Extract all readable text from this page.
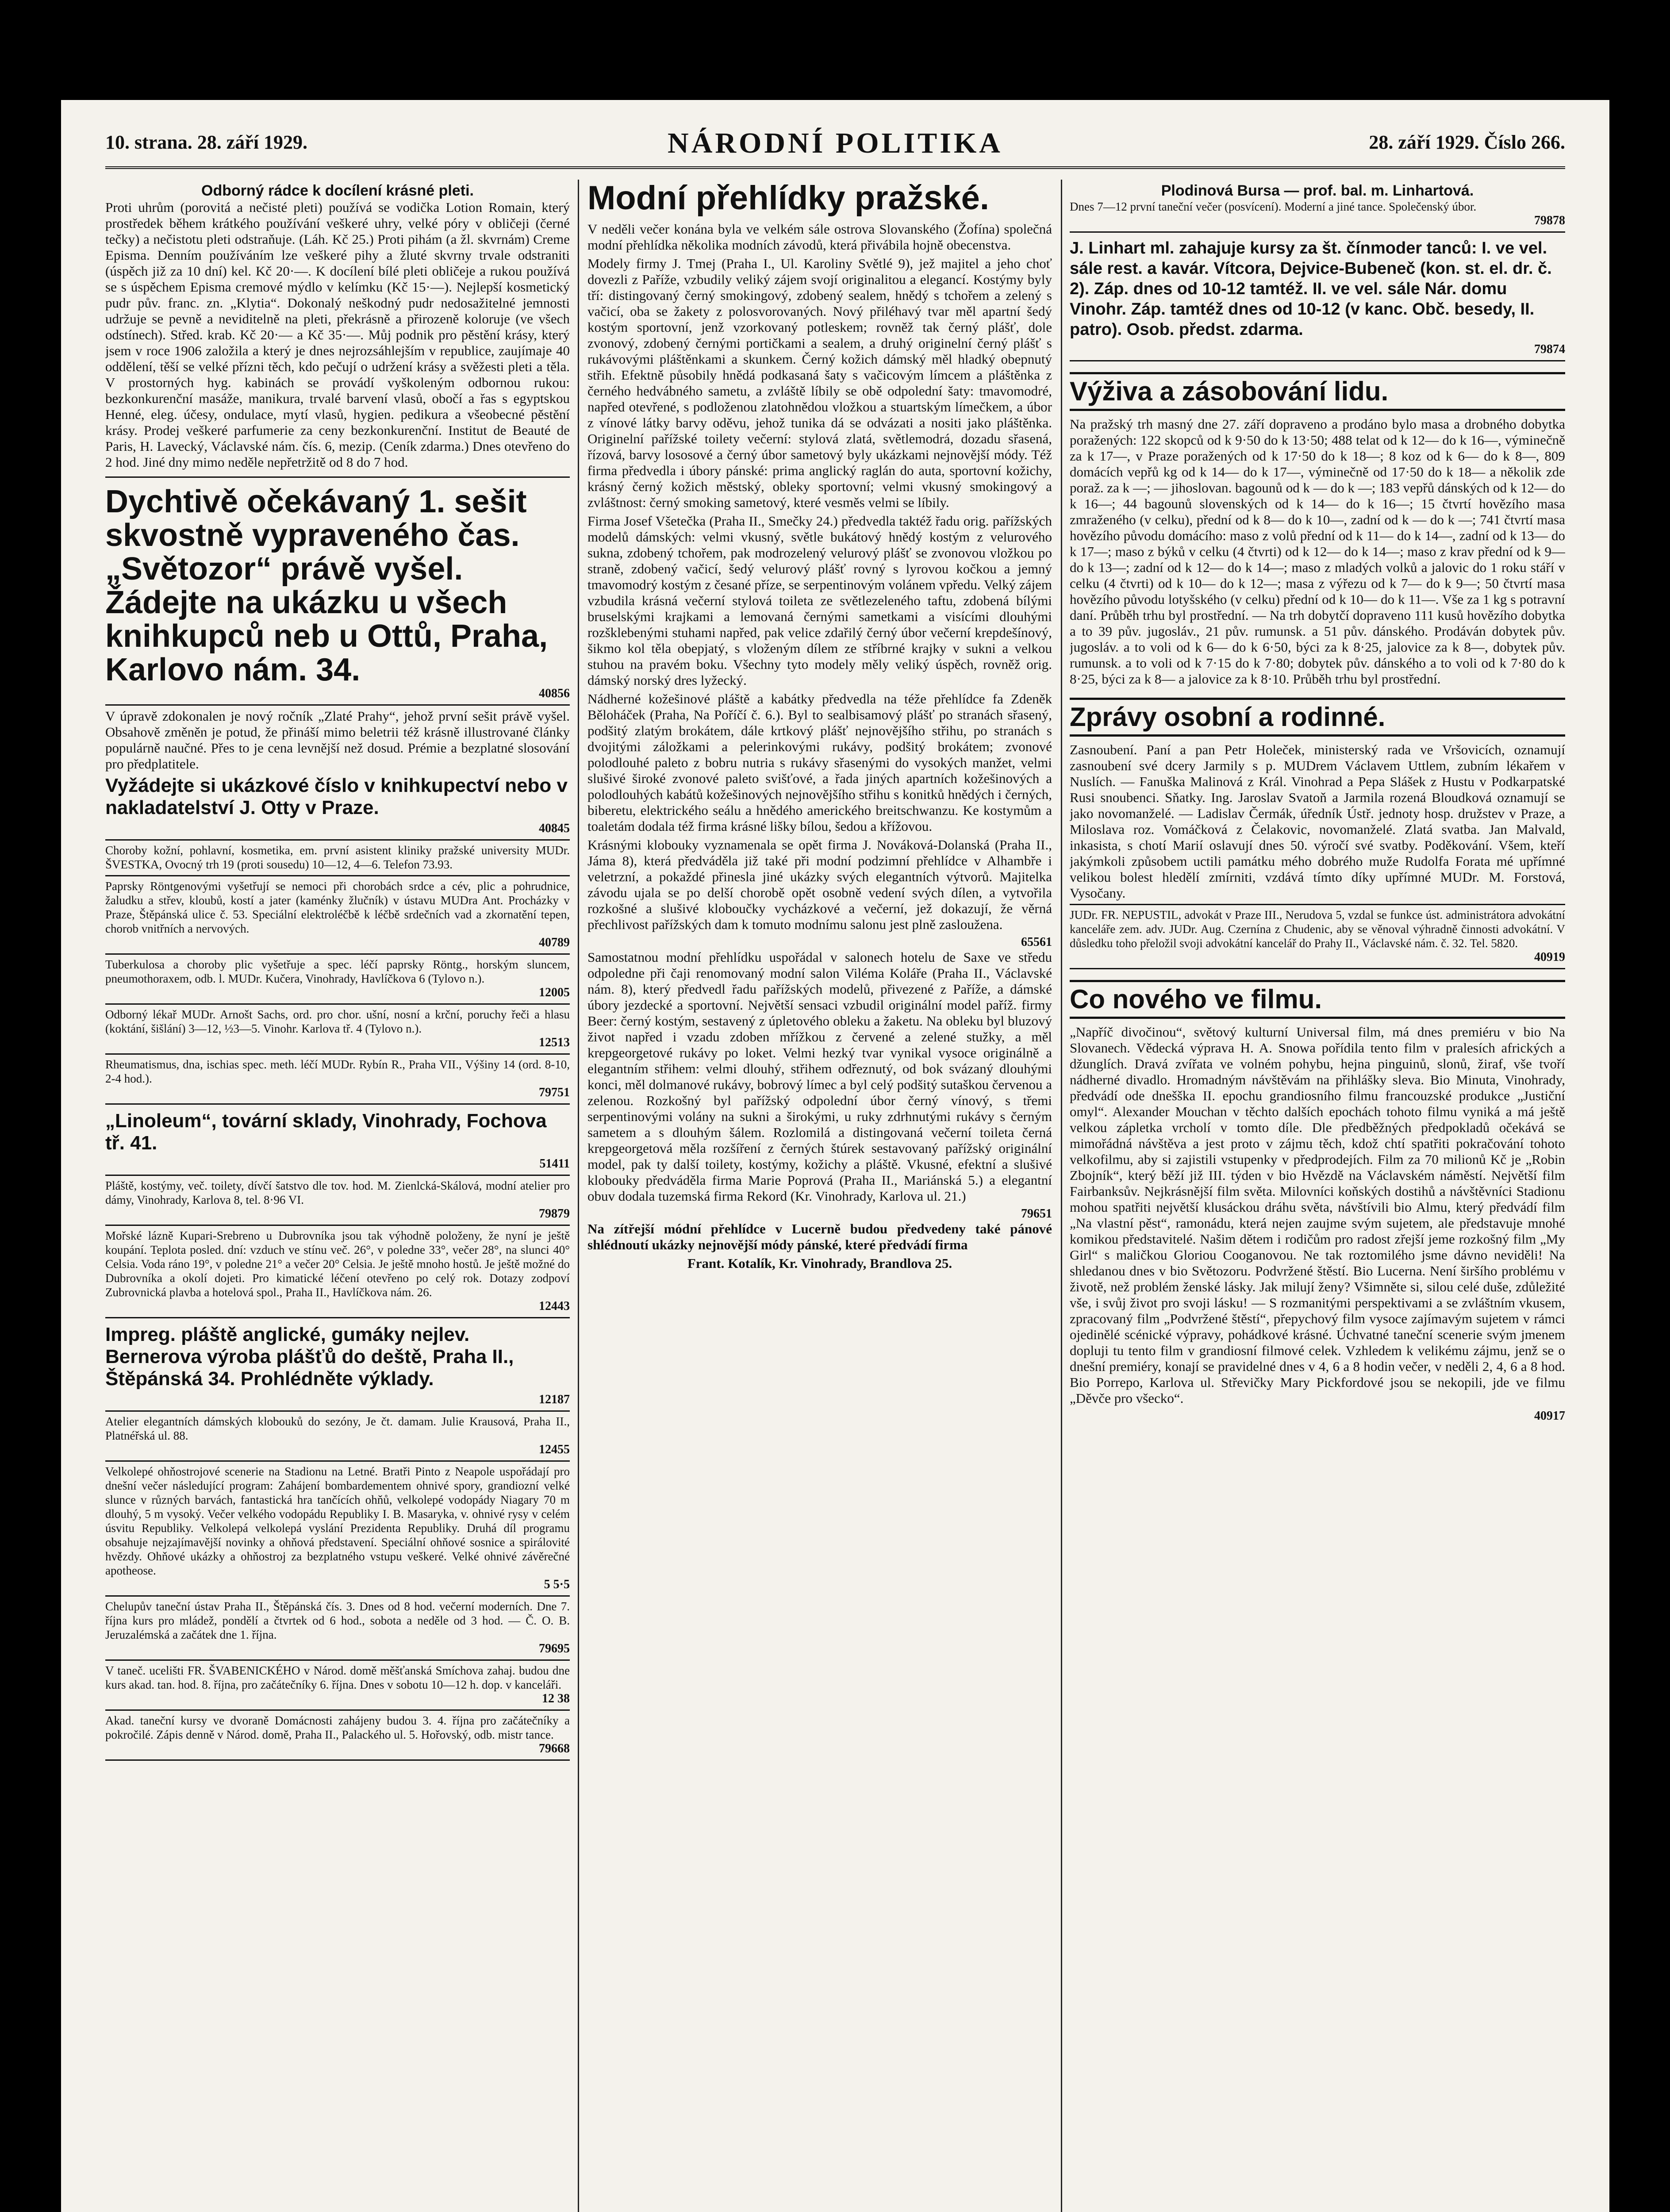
10. strana. 28. září 1929.	NÁRODNÍ POLITIKA	28. září 1929. Číslo 266.
Odborný rádce k docílení krásné pleti.

Proti uhrům (porovitá a nečisté pleti) používá se vodička Lotion Romain, který prostředek během krátkého používání veškeré uhry, velké póry v obličeji (černé tečky) a nečistotu pleti odstraňuje. (Láh. Kč 25.) Proti pihám (a žl. skvrnám) Creme Episma. Denním používáním lze veškeré pihy a žluté skvrny trvale odstraniti (úspěch již za 10 dní) kel. Kč 20·—. K docílení bílé pleti obličeje a rukou používá se s úspěchem Episma cremové mýdlo v kelímku (Kč 15·—). Nejlepší kosmetický pudr pův. franc. zn. „Klytia“. Dokonalý neškodný pudr nedosažitelné jemnosti udržuje se pevně a neviditelně na pleti, překrásně a přirozeně koloruje (ve všech odstínech). Střed. krab. Kč 20·— a Kč 35·—. Můj podnik pro pěstění krásy, který jsem v roce 1906 založila a který je dnes nejrozsáhlejším v republice, zaujímaje 40 oddělení, těší se velké přízni těch, kdo pečují o udržení krásy a svěžesti pleti a těla. V prostorných hyg. kabinách se provádí vyškoleným odbornou rukou: bezkonkurenční masáže, manikura, trvalé barvení vlasů, obočí a řas s egyptskou Henné, eleg. účesy, ondulace, mytí vlasů, hygien. pedikura a všeobecné pěstění krásy. Prodej veškeré parfumerie za ceny bezkonkurenční. Institut de Beauté de Paris, H. Lavecký, Václavské nám. čís. 6, mezip. (Ceník zdarma.) Dnes otevřeno do 2 hod. Jiné dny mimo neděle nepřetržitě od 8 do 7 hod.

Dychtivě očekávaný 1. sešit skvostně vypraveného čas. „Světozor“ právě vyšel. Žádejte na ukázku u všech knihkupců neb u Ottů, Praha, Karlovo nám. 34.

40856

V úpravě zdokonalen je nový ročník „Zlaté Prahy“, jehož první sešit právě vyšel. Obsahově změněn je potud, že přináší mimo beletrii též krásně illustrované články populárně naučné. Přes to je cena levnější než dosud. Prémie a bezplatné slosování pro předplatitele.

Vyžádejte si ukázkové číslo v knihkupectví nebo v nakladatelství J. Otty v Praze.

40845

Choroby kožní, pohlavní, kosmetika, em. první asistent kliniky pražské university MUDr. ŠVESTKA, Ovocný trh 19 (proti sousedu) 10—12, 4—6. Telefon 73.93.

Paprsky Röntgenovými vyšetřují se nemoci při chorobách srdce a cév, plic a pohrudnice, žaludku a střev, kloubů, kostí a jater (kaménky žlučník) v ústavu MUDra Ant. Procházky v Praze, Štěpánská ulice č. 53. Speciální elektroléčbě k léčbě srdečních vad a zkornatění tepen, chorob vnitřních a nervových.

40789

Tuberkulosa a choroby plic vyšetřuje a spec. léčí paprsky Röntg., horským sluncem, pneumothoraxem, odb. l. MUDr. Kučera, Vinohrady, Havlíčkova 6 (Tylovo n.).

12005

Odborný lékař MUDr. Arnošt Sachs, ord. pro chor. ušní, nosní a krční, poruchy řeči a hlasu (koktání, šišlání) 3—12, ½3—5. Vinohr. Karlova tř. 4 (Tylovo n.).

12513

Rheumatismus, dna, ischias spec. meth. léčí MUDr. Rybín R., Praha VII., Výšiny 14 (ord. 8-10, 2-4 hod.).

79751

„Linoleum“, tovární sklady, Vinohrady, Fochova tř. 41.

51411

Pláště, kostýmy, več. toilety, dívčí šatstvo dle tov. hod. M. Zienlcká-Skálová, modní atelier pro dámy, Vinohrady, Karlova 8, tel. 8·96 VI.

79879

Mořské lázně Kupari-Srebreno u Dubrovníka jsou tak výhodně položeny, že nyní je ještě koupání. Teplota posled. dní: vzduch ve stínu več. 26°, v poledne 33°, večer 28°, na slunci 40° Celsia. Voda ráno 19°, v poledne 21° a večer 20° Celsia. Je ještě mnoho hostů. Je ještě možné do Dubrovníka a okolí dojeti. Pro kimatické léčení otevřeno po celý rok. Dotazy zodpoví Zubrovnická plavba a hotelová spol., Praha II., Havlíčkova nám. 26.

12443

Impreg. pláště anglické, gumáky nejlev. Bernerova výroba plášťů do deště, Praha II., Štěpánská 34. Prohlédněte výklady.

12187

Atelier elegantních dámských klobouků do sezóny, Je čt. damam. Julie Krausová, Praha II., Platnéřská ul. 88.

12455

Velkolepé ohňostrojové scenerie na Stadionu na Letné. Bratři Pinto z Neapole uspořádají pro dnešní večer následující program: Zahájení bombardementem ohnivé spory, grandiozní velké sluncе v různých barvách, fantastická hra tančících ohňů, velkolepé vodopády Niagary 70 m dlouhý, 5 m vysoký. Večer velkého vodopádu Republiky I. B. Masaryka, v. ohnivé rysy v celém úsvitu Republiky. Velkolepá velkolepá vyslání Prezidenta Republiky. Druhá díl programu obsahuje nejzajímavější novinky a ohňová představení. Speciální ohňové sosnice a spirálovité hvězdy. Ohňové ukázky a ohňostroj za bezplatného vstupu veškeré. Velké ohnivé závěrečné apotheose.

5 5·5

Chelupův taneční ústav Praha II., Štěpánská čís. 3. Dnes od 8 hod. večerní moderních. Dne 7. října kurs pro mládež, pondělí a čtvrtek od 6 hod., sobota a neděle od 3 hod. — Č. O. B. Jeruzalémská a začátek dne 1. října.

79695

V taneč. ucelišti FR. ŠVABENICKÉHO v Národ. domě měšťanská Smíchova zahaj. budou dne kurs akad. tan. hod. 8. října, pro začátečníky 6. října. Dnes v sobotu 10—12 h. dop. v kanceláři.

12 38

Akad. taneční kursy ve dvoraně Domácnosti zahájeny budou 3. 4. října pro začátečníky a pokročilé. Zápis denně v Národ. domě, Praha II., Palackého ul. 5. Hořovský, odb. mistr tance.

79668
Modní přehlídky pražské.

V neděli večer konána byla ve velkém sále ostrova Slovanského (Žofína) společná modní přehlídka několika modních závodů, která přivábila hojně obecenstva.

Modely firmy J. Tmej (Praha I., Ul. Karoliny Světlé 9), jež majitel a jeho choť dovezli z Paříže, vzbudily veliký zájem svojí originalitou a elegancí. Kostýmy byly tří: distingovaný černý smokingový, zdobený sealem, hnědý s tchořem a zelený s vačicí, oba se žakety z polosvorovaných. Nový přiléhavý tvar měl apartní šedý kostým sportovní, jenž vzorkovaný potleskem; rovněž tak černý plášť, dole zvonový, zdobený černými portičkami a sealem, a druhý originelní černý plášť s rukávovými pláštěnkami a skunkem. Černý kožich dámský měl hladký obepnutý střih. Efektně působily hnědá podkasaná šaty s vačicovým límcem a pláštěnka z černého hedvábného sametu, a zvláště líbily se obě odpolední šaty: tmavomodré, napřed otevřené, s podloženou zlatohnědou vložkou a stuartským límečkem, a úbor z vínové látky barvy oděvu, jehož tunika dá se odvázati a nositi jako pláštěnka. Originelní pařížské toilety večerní: stylová zlatá, světlemodrá, dozadu sřasená, řízová, barvy lososové a černý úbor sametový byly ukázkami nejnovější módy. Též firma předvedla i úbory pánské: prima anglický raglán do auta, sportovní kožichy, krásný černý kožich městský, obleky sportovní; velmi vkusný smokingový a zvláštnost: černý smoking sametový, které vesměs velmi se líbily.

Firma Josef Všetečka (Praha II., Smečky 24.) předvedla taktéž řadu orig. pařížských modelů dámských: velmi vkusný, světle bukátový hnědý kostým z velurového sukna, zdobený tchořem, pak modrozelený velurový plášť se zvonovou vložkou po straně, zdobený vačicí, šedý velurový plášť rovný s lyrovou kočkou a jemný tmavomodrý kostým z česané příze, se serpentinovým volánem vpředu. Velký zájem vzbudila krásná večerní stylová toileta ze světlezeleného taftu, zdobená bílými bruselskými krajkami a lemovaná černými sametkami a visícími dlouhými rozšklebenými stuhami napřed, pak velice zdařilý černý úbor večerní krepdešínový, šikmo kol těla obepjatý, s vloženým dílem ze stříbrné krajky v sukni a velkou stuhou na pravém boku. Všechny tyto modely měly veliký úspěch, rovněž orig. dámský norský dres lyžecký.

Nádherné kožešinové pláště a kabátky předvedla na téže přehlídce fa Zdeněk Běloháček (Praha, Na Poříčí č. 6.). Byl to sealbisamový plášť po stranách sřasený, podšitý zlatým brokátem, dále krtkový plášť nejnovějšího střihu, po stranách s dvojitými záložkami a pelerinkovými rukávy, podšitý brokátem; zvonové polodlouhé paleto z bobru nutria s rukávy sřasenými do vysokých manžet, velmi slušivé široké zvonové paleto svišťové, a řada jiných apartních kožešinových a polodlouhých kabátů kožešinových nejnovějšího střihu s konitků hnědých i černých, biberetu, elektrického seálu a hnědého amerického breitschwanzu. Ke kostymům a toaletám dodala též firma krásné lišky bílou, šedou a křížovou.

Krásnými klobouky vyznamenala se opět firma J. Nováková-Dolanská (Praha II., Jáma 8), která předváděla již také při modní podzimní přehlídce v Alhambře i veletrzní, a pokaždé přinesla jiné ukázky svých elegantních výtvorů. Majitelka závodu ujala se po delší chorobě opět osobně vedení svých dílen, a vytvořila rozkošné a slušivé kloboučky vycházkové a večerní, jež dokazují, že věrná přechlivost pařížských dam k tomuto modnímu salonu jest plně zasloužena.

65561

Samostatnou modní přehlídku uspořádal v salonech hotelu de Saxe ve středu odpoledne při čaji renomovaný modní salon Viléma Koláře (Praha II., Václavské nám. 8), který předvedl řadu pařížských modelů, přivezené z Paříže, a dámské úbory jezdecké a sportovní. Největší sensaci vzbudil originální model paříž. firmy Beer: černý kostým, sestavený z úpletového obleku a žaketu. Na obleku byl bluzový život napřed i vzadu zdoben mřížkou z červené a zelené stužky, a měl krepgeorgetové rukávy po loket. Velmi hezký tvar vynikal vysoce originálně a elegantním střihem: velmi dlouhý, střihem odřeznutý, od bok svázaný dlouhými konci, měl dolmanové rukávy, bobrový límec a byl celý podšitý sutaškou červenou a zelenou. Rozkošný byl pařížský odpolední úbor černý vínový, s třemi serpentinovými volány na sukni a širokými, u ruky zdrhnutými rukávy s černým sametem a s dlouhým šálem. Rozlomilá a distingovaná večerní toileta černá krepgeorgetová měla rozšíření z černých štúrek sestavovaný pařížský originální model, pak ty další toilety, kostýmy, kožichy a pláště. Vkusné, efektní a slušivé klobouky předváděla firma Marie Poprová (Praha II., Mariánská 5.) a elegantní obuv dodala tuzemská firma Rekord (Kr. Vinohrady, Karlova ul. 21.)

79651

Na zítřejší módní přehlídce v Lucerně budou předvedeny také pánové shlédnoutí ukázky nejnovější módy pánské, které předvádí firma

Frant. Kotalík, Kr. Vinohrady, Brandlova 25.

Plodinová Bursa — prof. bal. m. Linhartová.

Dnes 7—12 první taneční večer (posvícení). Moderní a jiné tance. Společenský úbor.

79878

J. Linhart ml. zahajuje kursy za št. čínmoder tanců: I. ve vel. sále rest. a kavár. Vítcora, Dejvice-Bubeneč (kon. st. el. dr. č. 2). Záp. dnes od 10-12 tamtéž. II. ve vel. sále Nár. domu Vinohr. Záp. tamtéž dnes od 10-12 (v kanc. Obč. besedy, II. patro). Osob. předst. zdarma.

79874
Výživa a zásobování lidu.

Na pražský trh masný dne 27. září dopraveno a prodáno bylo masa a drobného dobytka poražených: 122 skopců od k 9·50 do k 13·50; 488 telat od k 12— do k 16—, výminečně za k 17—, v Praze poražených od k 17·50 do k 18—; 8 koz od k 6— do k 8—, 809 domácích vepřů kg od k 14— do k 17—, výminečně od 17·50 do k 18— a několik zde poraž. za k —; — jihoslovan. bagounů od k — do k —; 183 vepřů dánských od k 12— do k 16—; 44 bagounů slovenských od k 14— do k 16—; 15 čtvrtí hovězího masa zmraženého (v celku), přední od k 8— do k 10—, zadní od k — do k —; 741 čtvrtí masa hovězího původu domácího: maso z volů přední od k 11— do k 14—, zadní od k 13— do k 17—; maso z býků v celku (4 čtvrti) od k 12— do k 14—; maso z krav přední od k 9— do k 13—; zadní od k 12— do k 14—; maso z mladých volků a jalovic do 1 roku stáří v celku (4 čtvrti) od k 10— do k 12—; masa z výřezu od k 7— do k 9—; 50 čtvrtí masa hovězího původu lotyšského (v celku) přední od k 10— do k 11—. Vše za 1 kg s potravní daní. Průběh trhu byl prostřední. — Na trh dobytčí dopraveno 111 kusů hovězího dobytka a to 39 pův. jugosláv., 21 pův. rumunsk. a 51 pův. dánského. Prodáván dobytek pův. jugosláv. a to voli od k 6— do k 6·50, býci za k 8·25, jalovice za k 8—, dobytek pův. rumunsk. a to voli od k 7·15 do k 7·80; dobytek pův. dánského a to voli od k 7·80 do k 8·25, býci za k 8— a jalovice za k 8·10. Průběh trhu byl prostřední.

Zprávy osobní a rodinné.

Zasnoubení. Paní a pan Petr Holeček, ministerský rada ve Vršovicích, oznamují zasnoubení své dcery Jarmily s p. MUDrem Václavem Uttlem, zubním lékařem v Nuslích. — Fanuška Malinová z Král. Vinohrad a Pepa Slášek z Hustu v Podkarpatské Rusi snoubenci. Sňatky. Ing. Jaroslav Svatoň a Jarmila rozená Bloudková oznamují se jako novomanželé. — Ladislav Čermák, úředník Ústř. jednoty hosp. družstev v Praze, a Miloslava roz. Vomáčková z Čelakovic, novomanželé. Zlatá svatba. Jan Malvald, inkasista, s chotí Marií oslavují dnes 50. výročí své svatby. Poděkování. Všem, kteří jakýmkoli způsobem uctili památku mého dobrého muže Rudolfa Forata mé upřímné velikou bolest hledělí zmírniti, vzdává tímto díky upřímné MUDr. M. Forstová, Vysočany.

JUDr. FR. NEPUSTIL, advokát v Praze III., Nerudova 5, vzdal se funkce úst. administrátora advokátní kanceláře zem. adv. JUDr. Aug. Czernína z Chudenic, aby se věnoval výhradně činnosti advokátní. V důsledku toho přeložil svoji advokátní kancelář do Prahy II., Václavské nám. č. 32. Tel. 5820.

40919
Co nového ve filmu.

„Napříč divočinou“, světový kulturní Universal film, má dnes premiéru v bio Na Slovanech. Vědecká výprava H. A. Snowa pořídila tento film v pralesích afrických a džunglích. Dravá zvířata ve volném pohybu, hejna pinguinů, slonů, žiraf, vše tvoří nádherné divadlo. Hromadným návštěvám na přihlášky sleva. Bio Minuta, Vinohrady, předvádí ode dnešška II. epochu grandiosního filmu francouzské produkce „Justiční omyl“. Alexander Mouchan v těchto dalších epochách tohoto filmu vyniká a má ještě velkou zápletka vrcholí v tomto díle. Dle předběžných předpokladů očekává se mimořádná návštěva a jest proto v zájmu těch, kdož chtí spatřiti pokračování tohoto velkofilmu, aby si zajistili vstupenky v předprodejích. Film za 70 milionů Kč je „Robin Zbojník“, který běží již III. týden v bio Hvězdě na Václavském náměstí. Největší film Fairbanksův. Nejkrásnější film světa. Milovníci koňských dostihů a návštěvníci Stadionu mohou spatřiti největší klusáckou dráhu světa, návštívili bio Almu, který předvádí film „Na vlastní pěst“, ramonádu, která nejen zaujme svým sujetem, ale představuje mnohé komikou představitelé. Našim dětem i rodičům pro radost zřejší jeme rozkošný film „My Girl“ s maličkou Gloriou Cooganovou. Ne tak roztomilého jsme dávno neviděli! Na shledanou dnes v bio Světozoru. Podvržené štěstí. Bio Lucerna. Není širšího problému v životě, než problém ženské lásky. Jak milují ženy? Všimněte si, silou celé duše, zdůležité vše, i svůj život pro svoji lásku! — S rozmanitými perspektivami a se zvláštním vkusem, zpracovaný film „Podvržené štěstí“, přepychový film vysoce zajímavým sujetem v rámci ojedinělé scénické výpravy, pohádkové krásné. Úchvatné taneční scenerie svým jmenem dopluji tu tento film v grandiosní filmové celek. Vzhledem k velikému zájmu, jenž se o dnešní premiéry, konají se pravidelné dnes v 4, 6 a 8 hodin večer, v neděli 2, 4, 6 a 8 hod. Bio Porrepo, Karlova ul. Střevičky Mary Pickfordové jsou se nekopili, jde ve filmu „Děvče pro všecko“.

40917
